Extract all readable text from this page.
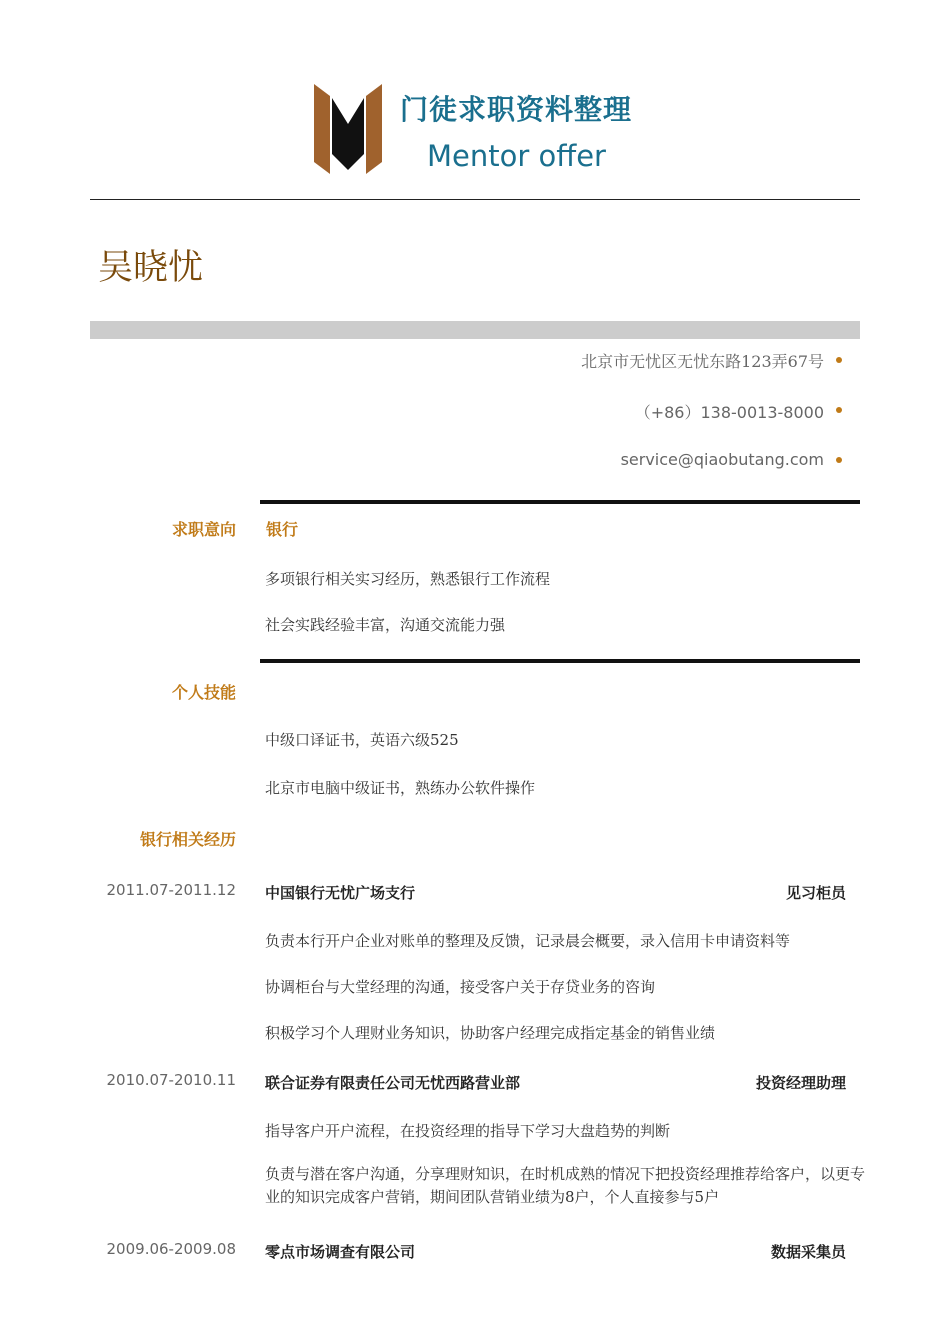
门徒求职资料整理
Mentor offer
吴晓忧
北京市无忧区无忧东路123弄67号
（+86）138-0013-8000
service@qiaobutang.com
求职意向 银行
多项银行相关实习经历，熟悉银行工作流程
社会实践经验丰富，沟通交流能力强
个人技能
中级口译证书，英语六级525
北京市电脑中级证书，熟练办公软件操作
银行相关经历
2011.07-2011.12 中国银行无忧广场支行	见习柜员
负责本行开户企业对账单的整理及反馈，记录晨会概要，录入信用卡申请资料等
协调柜台与大堂经理的沟通，接受客户关于存贷业务的咨询
积极学习个人理财业务知识，协助客户经理完成指定基金的销售业绩
2010.07-2010.11 联合证券有限责任公司无忧西路营业部	投资经理助理
指导客户开户流程，在投资经理的指导下学习大盘趋势的判断
负责与潜在客户沟通，分享理财知识，在时机成熟的情况下把投资经理推荐给客户，以更专业的知识完成客户营销，期间团队营销业绩为8户，个人直接参与5户
2009.06-2009.08 零点市场调查有限公司	数据采集员
